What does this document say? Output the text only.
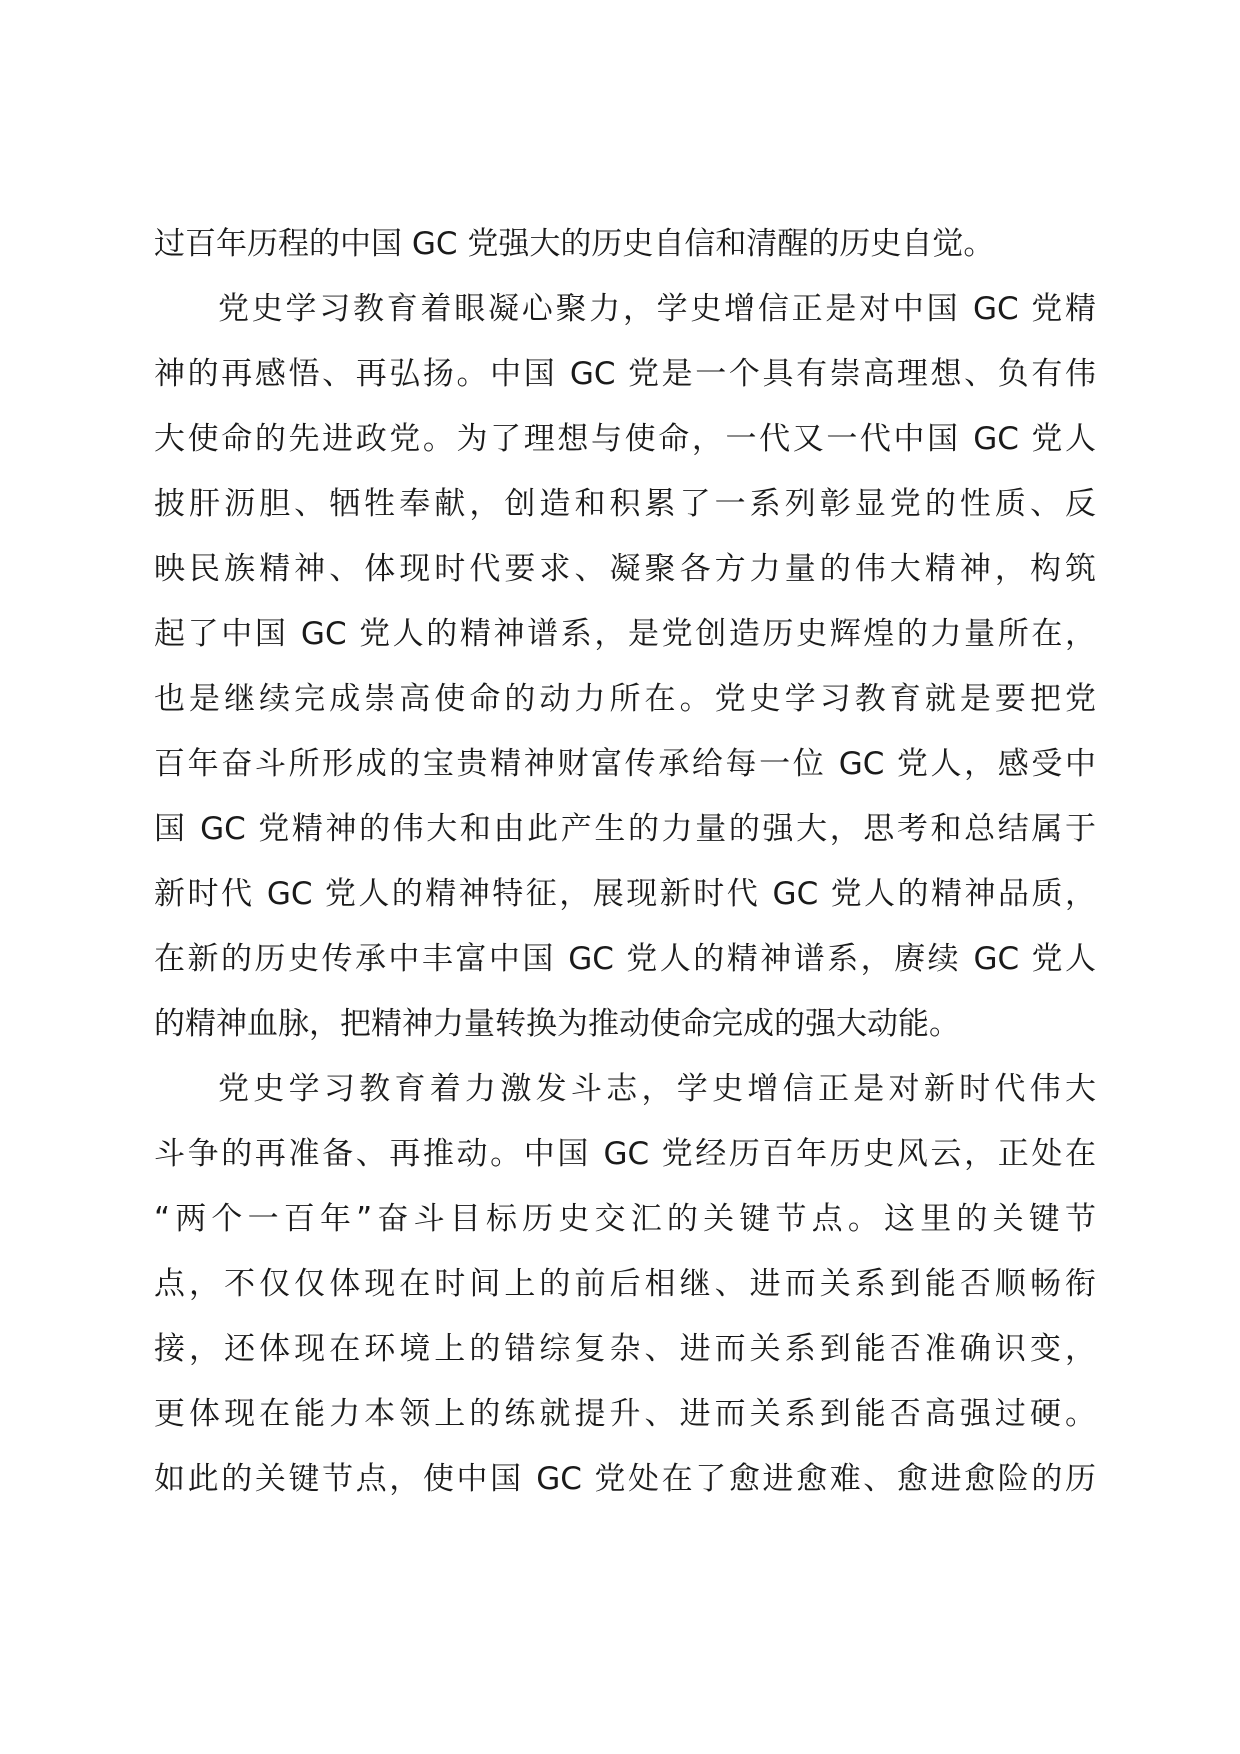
过百年历程的中国 GC 党强大的历史自信和清醒的历史自觉。
党史学习教育着眼凝心聚力，学史增信正是对中国 GC 党精
神的再感悟、再弘扬。中国 GC 党是一个具有崇高理想、负有伟
大使命的先进政党。为了理想与使命，一代又一代中国 GC 党人
披肝沥胆、牺牲奉献，创造和积累了一系列彰显党的性质、反
映民族精神、体现时代要求、凝聚各方力量的伟大精神，构筑
起了中国 GC 党人的精神谱系，是党创造历史辉煌的力量所在，
也是继续完成崇高使命的动力所在。党史学习教育就是要把党
百年奋斗所形成的宝贵精神财富传承给每一位 GC 党人，感受中
国 GC 党精神的伟大和由此产生的力量的强大，思考和总结属于
新时代 GC 党人的精神特征，展现新时代 GC 党人的精神品质，
在新的历史传承中丰富中国 GC 党人的精神谱系，赓续 GC 党人
的精神血脉，把精神力量转换为推动使命完成的强大动能。
党史学习教育着力激发斗志，学史增信正是对新时代伟大
斗争的再准备、再推动。中国 GC 党经历百年历史风云，正处在
“两个一百年”奋斗目标历史交汇的关键节点。这里的关键节
点，不仅仅体现在时间上的前后相继、进而关系到能否顺畅衔
接，还体现在环境上的错综复杂、进而关系到能否准确识变，
更体现在能力本领上的练就提升、进而关系到能否高强过硬。
如此的关键节点，使中国 GC 党处在了愈进愈难、愈进愈险的历
